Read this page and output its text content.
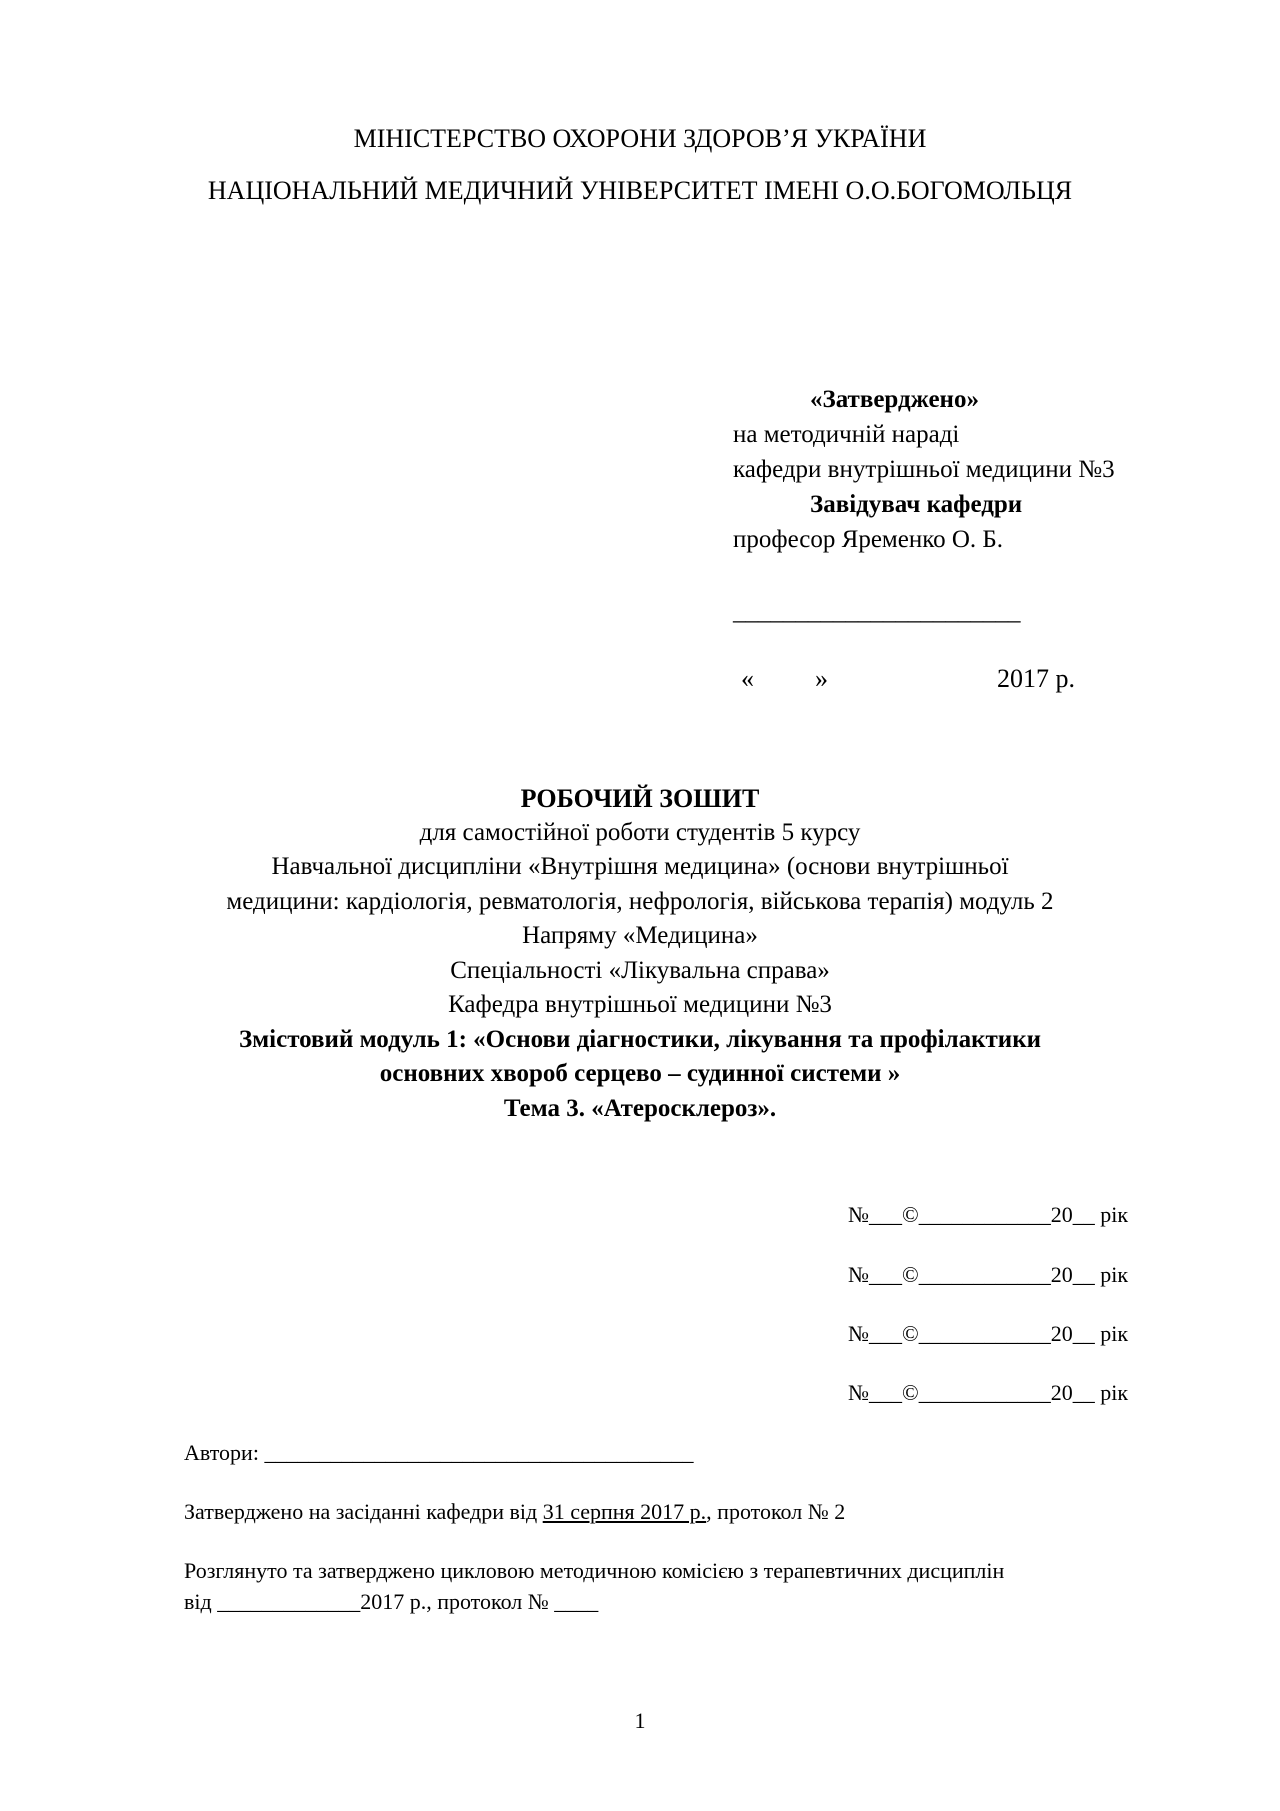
МІНІСТЕРСТВО ОХОРОНИ ЗДОРОВ’Я УКРАЇНИ
НАЦІОНАЛЬНИЙ МЕДИЧНИЙ УНІВЕРСИТЕТ ІМЕНІ О.О.БОГОМОЛЬЦЯ
«Затверджено»
на методичній нараді
кафедри внутрішньої медицини №3
Завідувач кафедри
професор Яременко О. Б.
_______________________
« »	2017 р.
РОБОЧИЙ ЗОШИТ
для самостійної роботи студентів 5 курсу
Навчальної дисципліни «Внутрішня медицина» (основи внутрішньої
медицини: кардіологія, ревматологія, нефрологія, військова терапія) модуль 2
Напряму «Медицина»
Спеціальності «Лікувальна справа»
Кафедра внутрішньої медицини №3
Змістовий модуль 1: «Основи діагностики, лікування та профілактики
основних хвороб серцево – судинної системи »
Тема 3. «Атеросклероз».
№___©____________20__ рік
№___©____________20__ рік
№___©____________20__ рік
№___©____________20__ рік
Автори: _______________________________________
Затверджено на засіданні кафедри від 31 серпня 2017 р., протокол № 2
Розглянуто та затверджено цикловою методичною комісією з терапевтичних дисциплін
від _____________2017 р., протокол № ____
1
